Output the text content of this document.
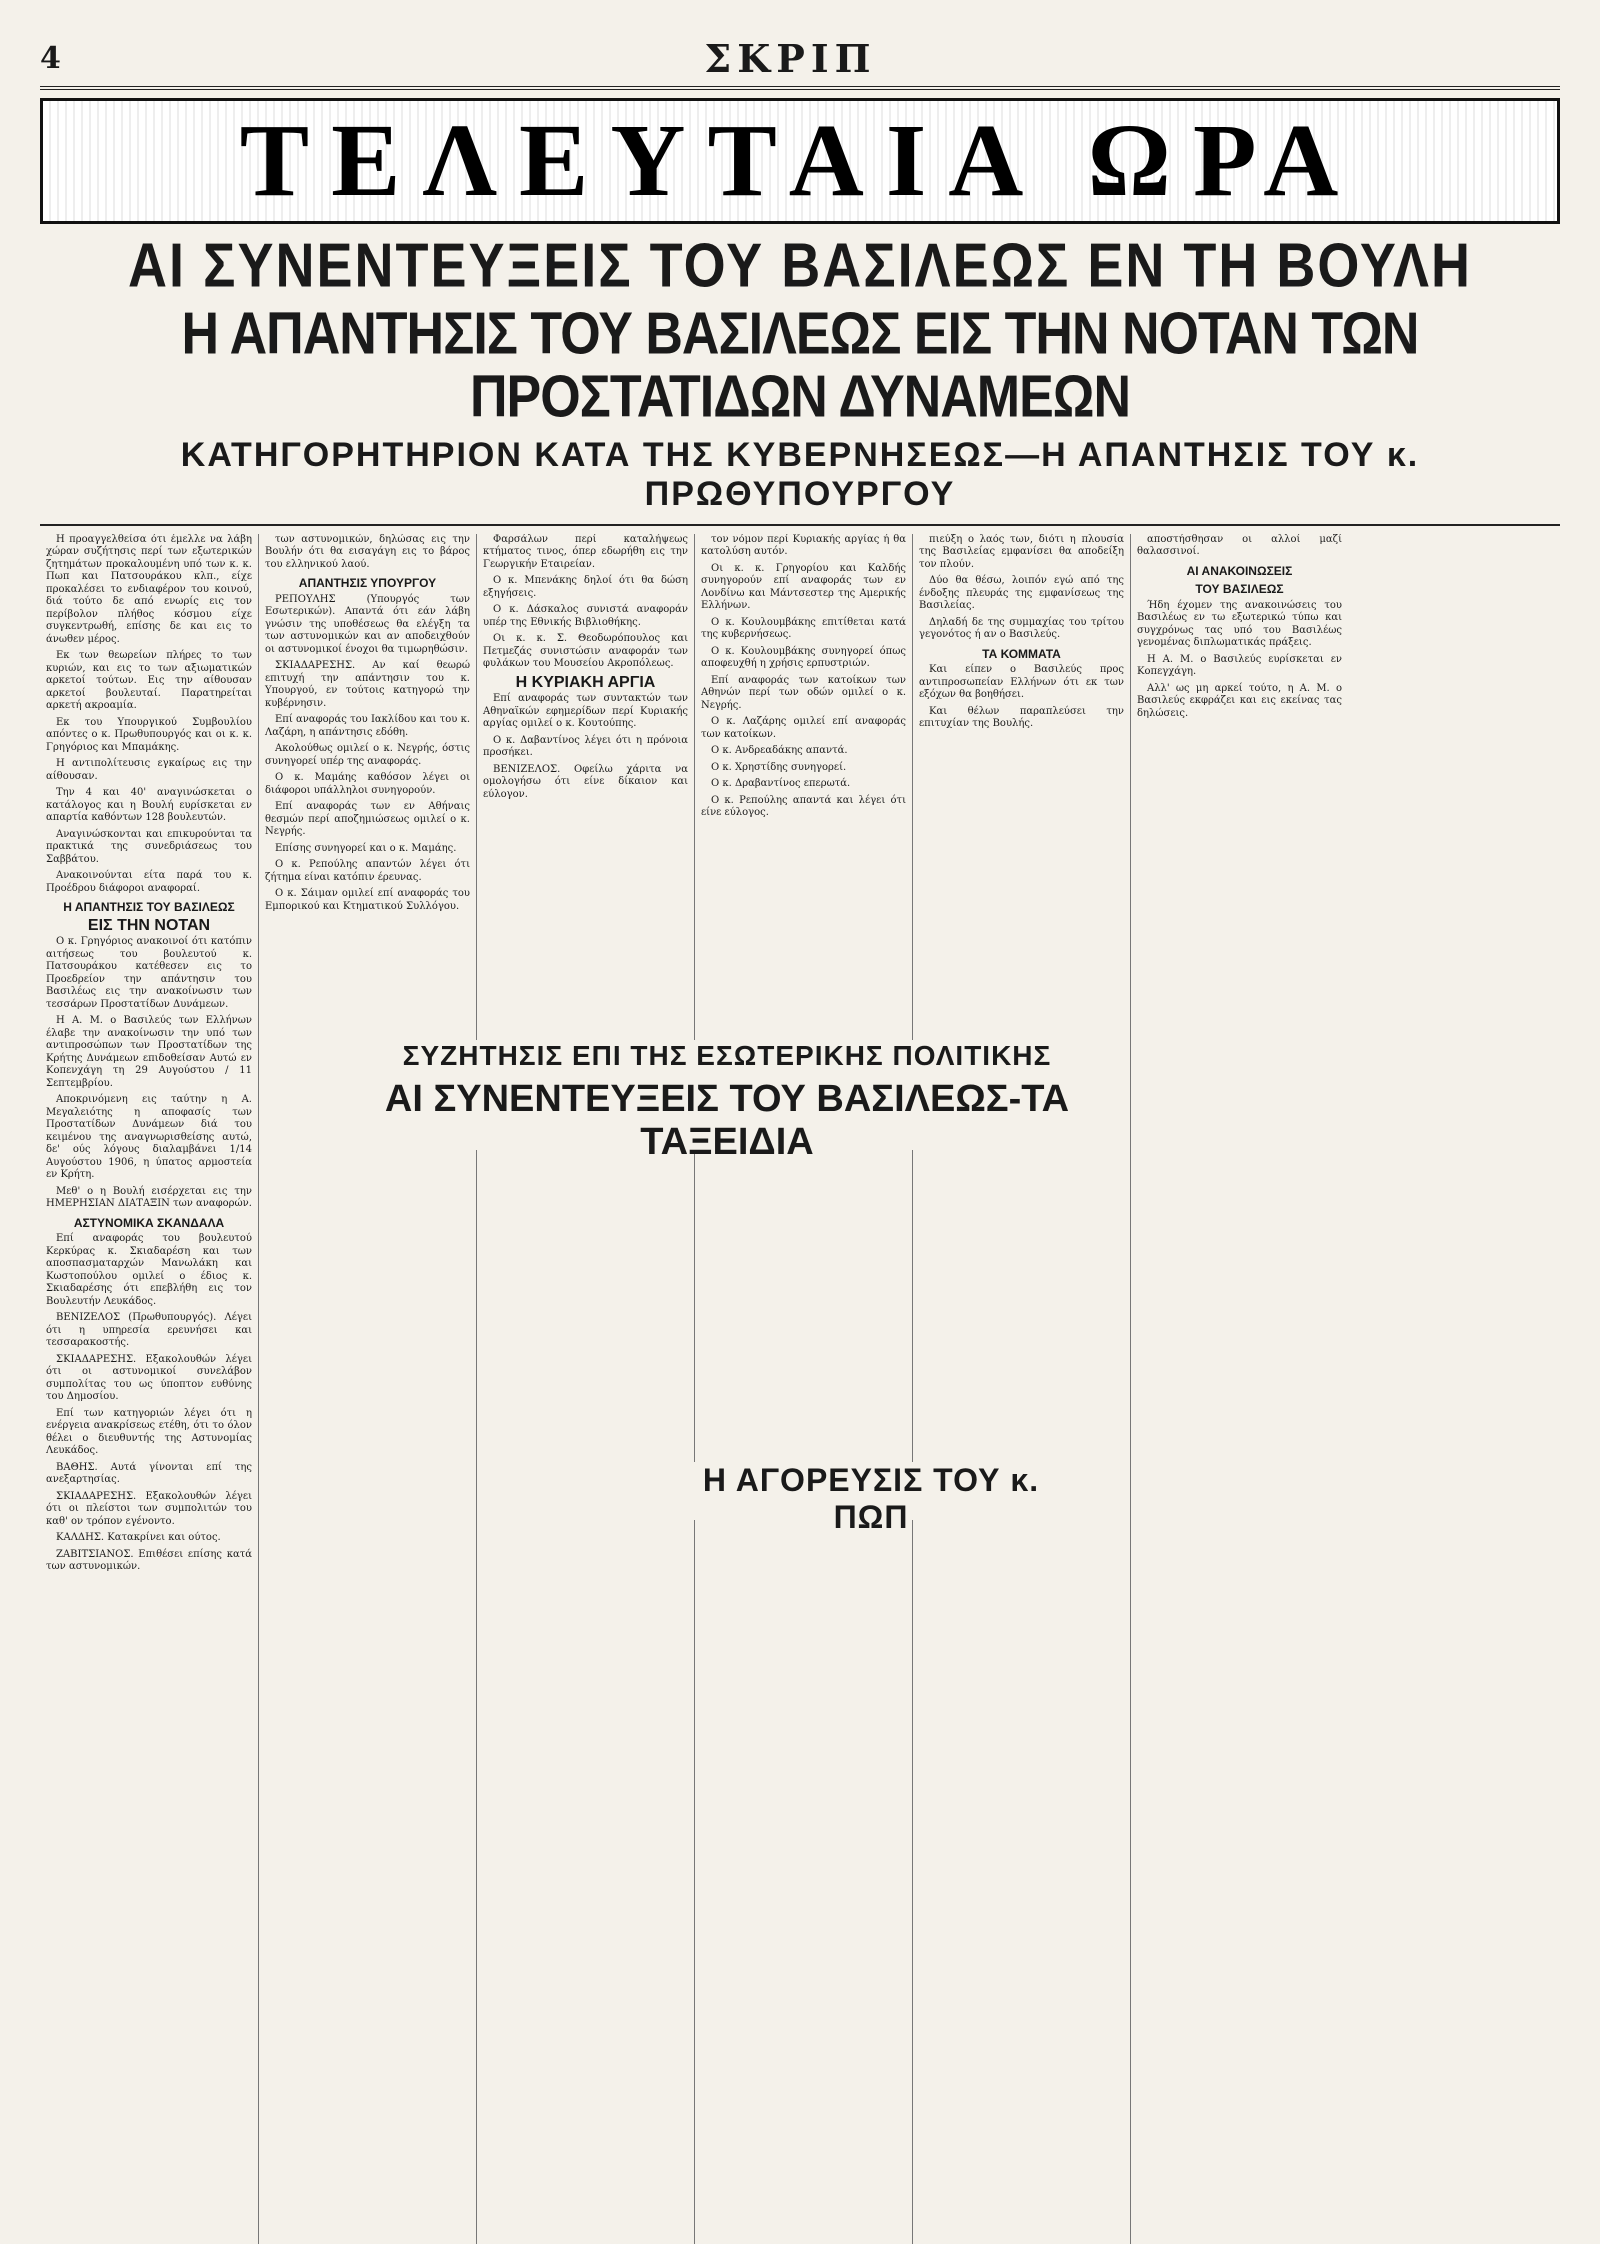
4	ΣΚΡΙΠ
ΤΕΛΕΥΤΑΙΑ ΩΡΑ
ΑΙ ΣΥΝΕΝΤΕΥΞΕΙΣ ΤΟΥ ΒΑΣΙΛΕΩΣ ΕΝ ΤΗ ΒΟΥΛΗ
Η ΑΠΑΝΤΗΣΙΣ ΤΟΥ ΒΑΣΙΛΕΩΣ ΕΙΣ ΤΗΝ ΝΟΤΑΝ ΤΩΝ ΠΡΟΣΤΑΤΙΔΩΝ ΔΥΝΑΜΕΩΝ
ΚΑΤΗΓΟΡΗΤΗΡΙΟΝ ΚΑΤΑ ΤΗΣ ΚΥΒΕΡΝΗΣΕΩΣ—Η ΑΠΑΝΤΗΣΙΣ ΤΟΥ κ. ΠΡΩΘΥΠΟΥΡΓΟΥ

Η προαγγελθείσα ότι έμελλε να λάβη χώραν συζήτησις περί των εξωτερικών ζητημάτων προκαλουμένη υπό των κ. κ. Πωπ και Πατσουράκου κλπ., είχε προκαλέσει το ενδιαφέρον του κοινού, διά τούτο δε από ενωρίς εις τον περίβολον πλήθος κόσμου είχε συγκεντρωθή, επίσης δε και εις το άνωθεν μέρος.

Εκ των θεωρείων πλήρες το των κυριών, και εις το των αξιωματικών αρκετοί τούτων. Εις την αίθουσαν αρκετοί βουλευταί. Παρατηρείται αρκετή ακροαμία.

Εκ του Υπουργικού Συμβουλίου απόντες ο κ. Πρωθυπουργός και οι κ. κ. Γρηγόριος και Μπαμάκης.

Η αντιπολίτευσις εγκαίρως εις την αίθουσαν.

Την 4 και 40' αναγινώσκεται ο κατάλογος και η Βουλή ευρίσκεται εν απαρτία καθόντων 128 βουλευτών.

Αναγινώσκονται και επικυρούνται τα πρακτικά της συνεδριάσεως του Σαββάτου.

Ανακοινούνται είτα παρά του κ. Προέδρου διάφοροι αναφοραί.

Η ΑΠΑΝΤΗΣΙΣ ΤΟΥ ΒΑΣΙΛΕΩΣ
ΕΙΣ ΤΗΝ ΝΟΤΑΝ

Ο κ. Γρηγόριος ανακοινοί ότι κατόπιν αιτήσεως του βουλευτού κ. Πατσουράκου κατέθεσεν εις το Προεδρείον την απάντησιν του Βασιλέως εις την ανακοίνωσιν των τεσσάρων Προστατίδων Δυνάμεων.

Η Α. Μ. ο Βασιλεύς των Ελλήνων έλαβε την ανακοίνωσιν την υπό των αντιπροσώπων των Προστατίδων της Κρήτης Δυνάμεων επιδοθείσαν Αυτώ εν Κοπενχάγη τη 29 Αυγούστου / 11 Σεπτεμβρίου.

Αποκρινόμενη εις ταύτην η Α. Μεγαλειότης η αποφασίς των Προστατίδων Δυνάμεων διά του κειμένου της αναγνωρισθείσης αυτώ, δε' ούς λόγους διαλαμβάνει 1/14 Αυγούστου 1906, η ύπατος αρμοστεία εν Κρήτη.

Μεθ' ο η Βουλή εισέρχεται εις την ΗΜΕΡΗΣΙΑΝ ΔΙΑΤΑΞΙΝ των αναφορών.

ΑΣΤΥΝΟΜΙΚΑ ΣΚΑΝΔΑΛΑ

Επί αναφοράς του βουλευτού Κερκύρας κ. Σκιαδαρέση και των αποσπασματαρχών Μανωλάκη και Κωστοπούλου ομιλεί ο έδιος κ. Σκιαδαρέσης ότι επεβλήθη εις τον Βουλευτήν Λευκάδος.

ΒΕΝΙΖΕΛΟΣ (Πρωθυπουργός). Λέγει ότι η υπηρεσία ερευνήσει και τεσσαρακοστής.

ΣΚΙΑΔΑΡΕΣΗΣ. Εξακολουθών λέγει ότι οι αστυνομικοί συνελάβον συμπολίτας του ως ύποπτον ευθύνης του Δημοσίου.

Επί των κατηγοριών λέγει ότι η ενέργεια ανακρίσεως ετέθη, ότι το όλον θέλει ο διευθυντής της Αστυνομίας Λευκάδος.

ΒΑΘΗΣ. Αυτά γίνονται επί της ανεξαρτησίας.

ΣΚΙΑΔΑΡΕΣΗΣ. Εξακολουθών λέγει ότι οι πλείστοι των συμπολιτών του καθ' ον τρόπον εγένοντο.

ΚΑΛΔΗΣ. Κατακρίνει και ούτος.

ΖΑΒΙΤΣΙΑΝΟΣ. Επιθέσει επίσης κατά των αστυνομικών.

των αστυνομικών, δηλώσας εις την Βουλήν ότι θα εισαγάγη εις το βάρος του ελληνικού λαού.

ΑΠΑΝΤΗΣΙΣ ΥΠΟΥΡΓΟΥ

ΡΕΠΟΥΛΗΣ (Υπουργός των Εσωτερικών). Απαντά ότι εάν λάβη γνώσιν της υποθέσεως θα ελέγξη τα των αστυνομικών και αν αποδειχθούν οι αστυνομικοί ένοχοι θα τιμωρηθώσιν.

ΣΚΙΑΔΑΡΕΣΗΣ. Αν καί θεωρώ επιτυχή την απάντησιν του κ. Υπουργού, εν τούτοις κατηγορώ την κυβέρνησιν.

Επί αναφοράς του Ιακλίδου και του κ. Λαζάρη, η απάντησις εδόθη.

Ακολούθως ομιλεί ο κ. Νεγρής, όστις συνηγορεί υπέρ της αναφοράς.

Ο κ. Μαμάης καθόσον λέγει οι διάφοροι υπάλληλοι συνηγορούν.

Επί αναφοράς των εν Αθήναις θεσμών περί αποζημιώσεως ομιλεί ο κ. Νεγρής.

Επίσης συνηγορεί και ο κ. Μαμάης.

Ο κ. Ρεπούλης απαντών λέγει ότι ζήτημα είναι κατόπιν έρευνας.

Ο κ. Σάιμαν ομιλεί επί αναφοράς του Εμπορικού και Κτηματικού Συλλόγου.

Φαρσάλων περί καταλήψεως κτήματος τινος, όπερ εδωρήθη εις την Γεωργικήν Εταιρείαν.

Ο κ. Μπενάκης δηλοί ότι θα δώση εξηγήσεις.

Ο κ. Δάσκαλος συνιστά αναφοράν υπέρ της Εθνικής Βιβλιοθήκης.

Οι κ. κ. Σ. Θεοδωρόπουλος και Πετμεζάς συνιστώσιν αναφοράν των φυλάκων του Μουσείου Ακροπόλεως.

Η ΚΥΡΙΑΚΗ ΑΡΓΙΑ

Επί αναφοράς των συντακτών των Αθηναϊκών εφημερίδων περί Κυριακής αργίας ομιλεί ο κ. Κουτούπης.

Ο κ. Δαβαντίνος λέγει ότι η πρόνοια προσήκει.

ΒΕΝΙΖΕΛΟΣ. Οφείλω χάριτα να ομολογήσω ότι είνε δίκαιον και εύλογον.

τον νόμον περί Κυριακής αργίας ή θα κατολύση αυτόν.

Οι κ. κ. Γρηγορίου και Καλδής συνηγορούν επί αναφοράς των εν Λονδίνω και Μάντσεστερ της Αμερικής Ελλήνων.

Ο κ. Κουλουμβάκης επιτίθεται κατά της κυβερνήσεως.

Ο κ. Κουλουμβάκης συνηγορεί όπως αποφευχθή η χρήσις ερπυστριών.

Επί αναφοράς των κατοίκων των Αθηνών περί των οδών ομιλεί ο κ. Νεγρής.

Ο κ. Λαζάρης ομιλεί επί αναφοράς των κατοίκων.

Ο κ. Ανδρεαδάκης απαντά.

Ο κ. Χρηστίδης συνηγορεί.

Ο κ. Δραβαντίνος επερωτά.

Ο κ. Ρεπούλης απαντά και λέγει ότι είνε εύλογος.

πιεύξη ο λαός των, διότι η πλουσία της Βασιλείας εμφανίσει θα αποδείξη τον πλούν.

Δύο θα θέσω, λοιπόν εγώ από της ένδοξης πλευράς της εμφανίσεως της Βασιλείας.

Δηλαδή δε της συμμαχίας του τρίτου γεγονότος ή αν ο Βασιλεύς.

ΤΑ ΚΟΜΜΑΤΑ

Και είπεν ο Βασιλεύς προς αντιπροσωπείαν Ελλήνων ότι εκ των εξόχων θα βοηθήσει.

Και θέλων παραπλεύσει την επιτυχίαν της Βουλής.

αποστήσθησαν οι αλλοί μαζί θαλασσινοί.

ΑΙ ΑΝΑΚΟΙΝΩΣΕΙΣ
ΤΟΥ ΒΑΣΙΛΕΩΣ

Ήδη έχομεν της ανακοινώσεις του Βασιλέως εν τω εξωτερικώ τύπω και συγχρόνως τας υπό του Βασιλέως γενομένας διπλωματικάς πράξεις.

Η Α. Μ. ο Βασιλεύς ευρίσκεται εν Κοπεγχάγη.

Αλλ' ως μη αρκεί τούτο, η Α. Μ. ο Βασιλεύς εκφράζει και εις εκείνας τας δηλώσεις.

ΣΥΖΗΤΗΣΙΣ ΕΠΙ ΤΗΣ ΕΣΩΤΕΡΙΚΗΣ ΠΟΛΙΤΙΚΗΣ
ΑΙ ΣΥΝΕΝΤΕΥΞΕΙΣ ΤΟΥ ΒΑΣΙΛΕΩΣ-ΤΑ ΤΑΞΕΙΔΙΑ
Η ΑΓΟΡΕΥΣΙΣ ΤΟΥ κ. ΠΩΠ
